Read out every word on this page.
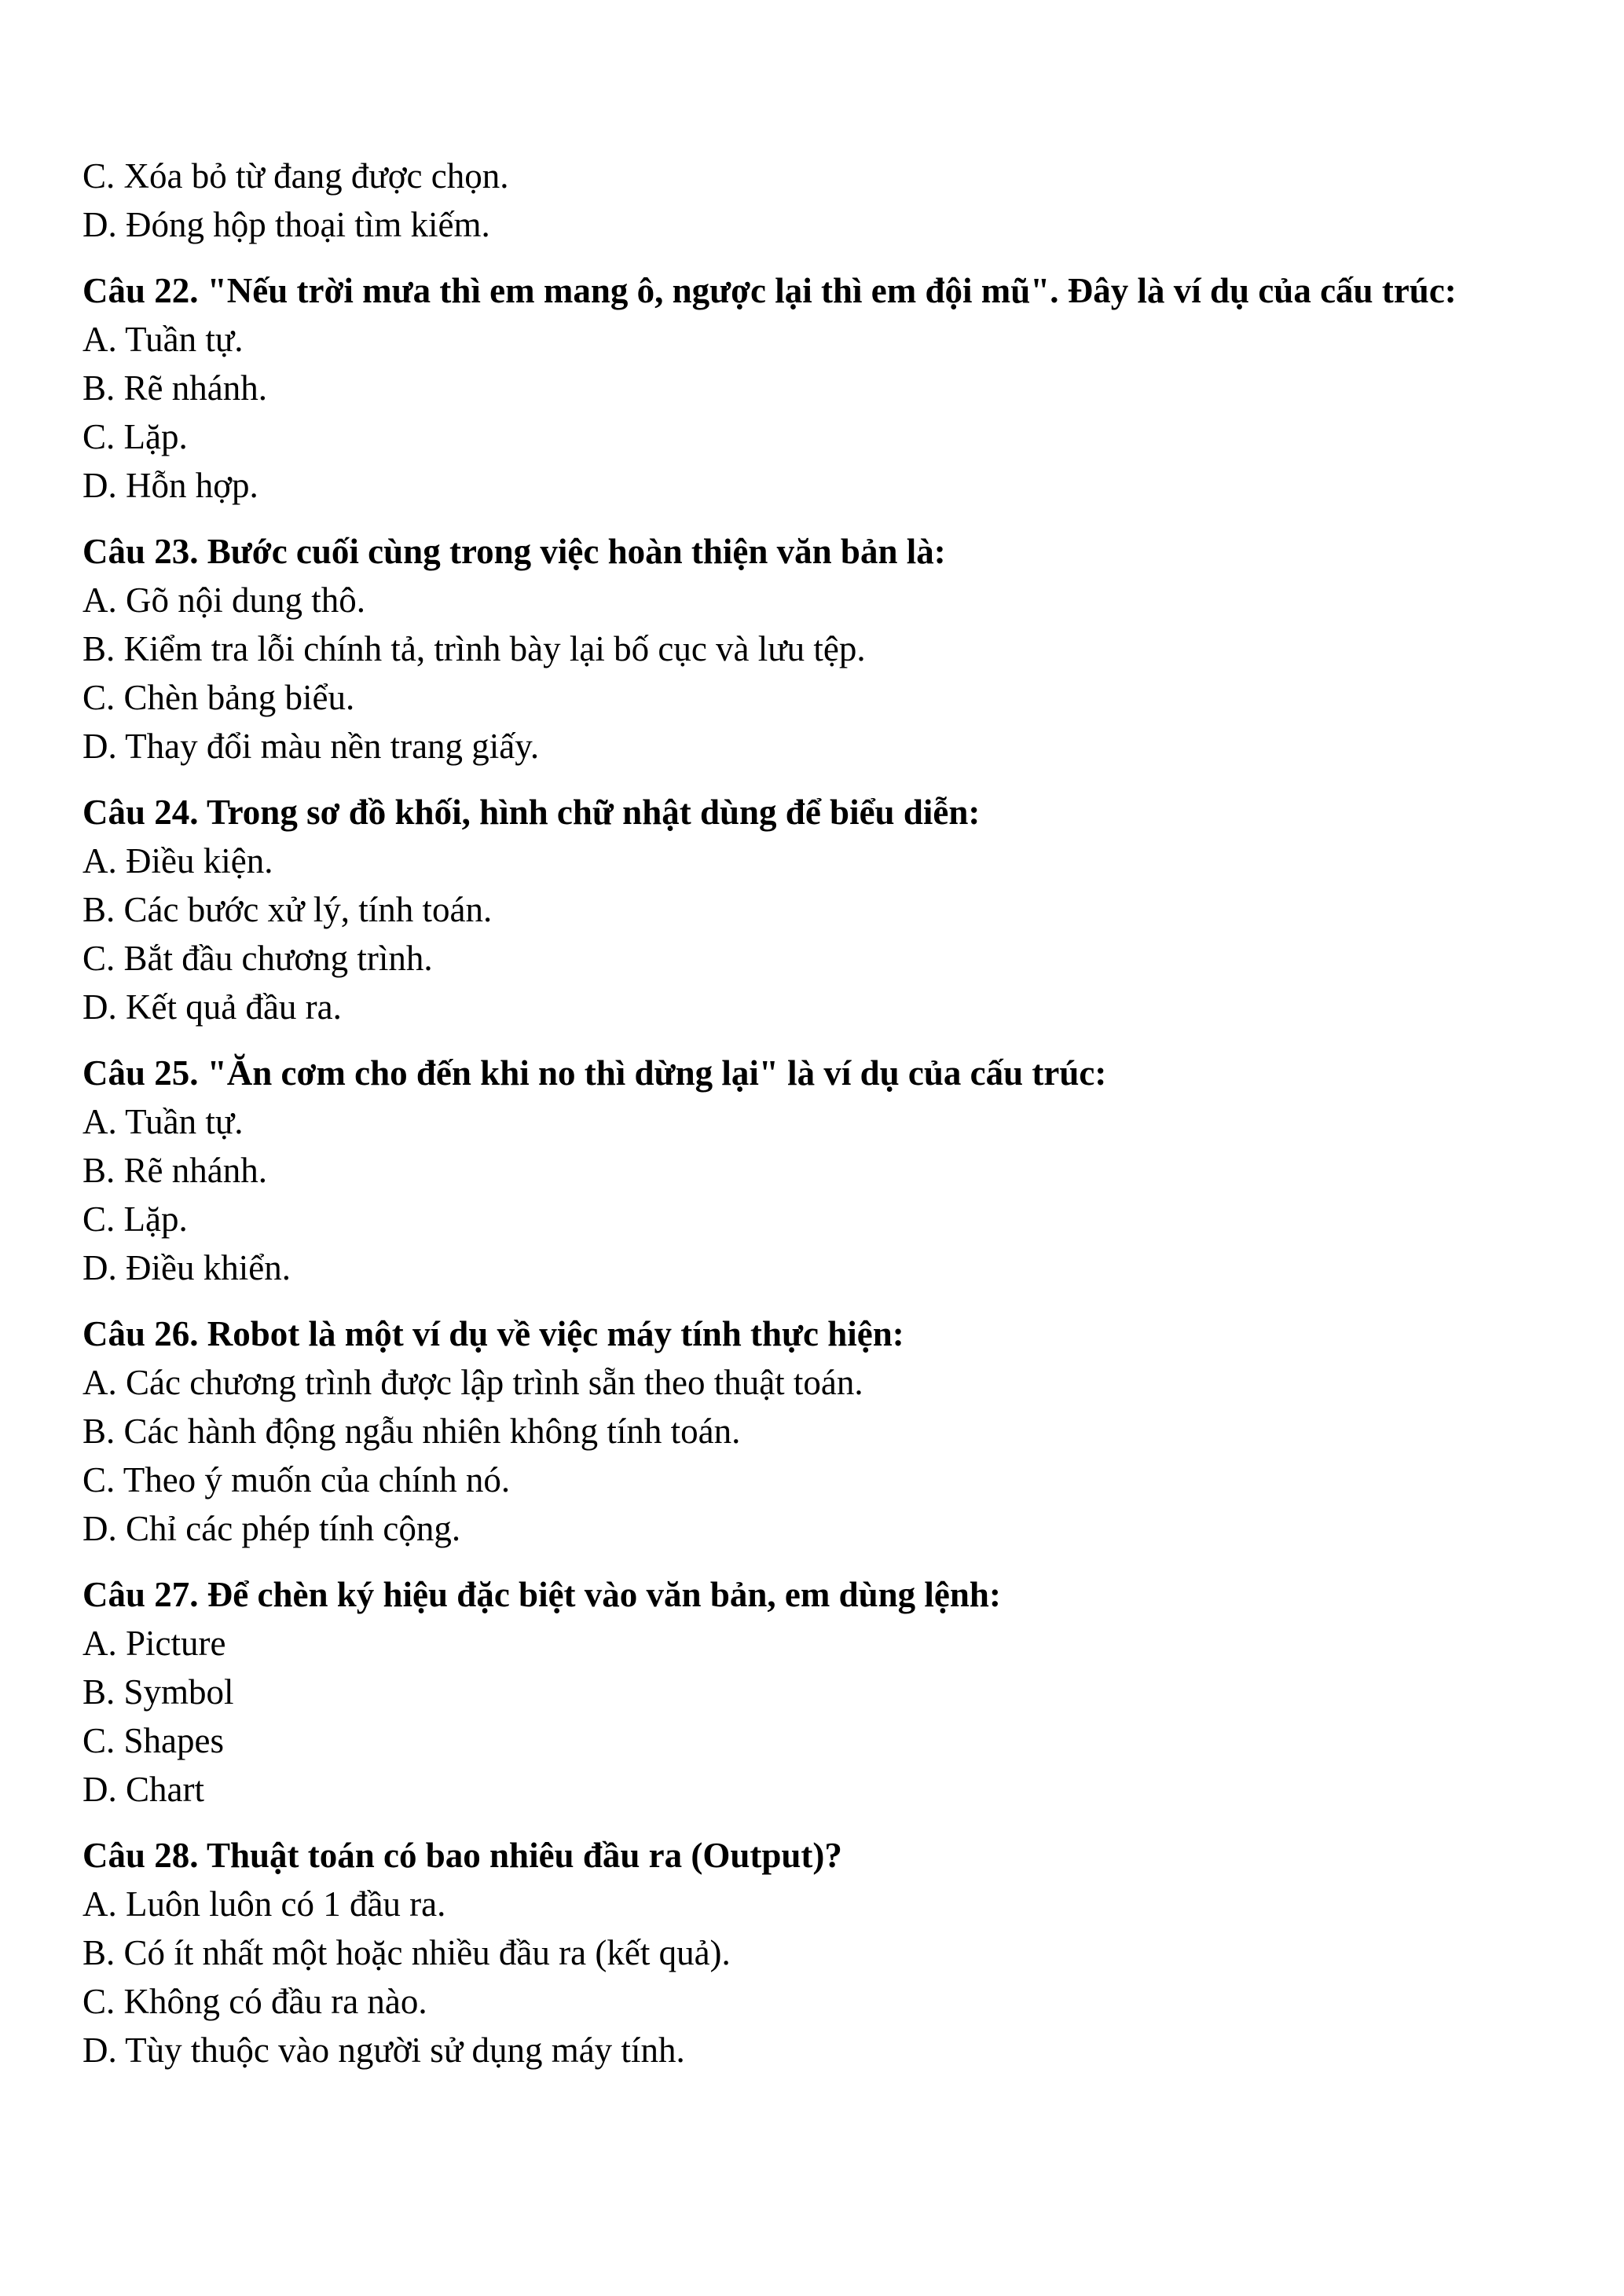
C. Xóa bỏ từ đang được chọn.

D. Đóng hộp thoại tìm kiếm.

Câu 22. "Nếu trời mưa thì em mang ô, ngược lại thì em đội mũ". Đây là ví dụ của cấu trúc:

A. Tuần tự.

B. Rẽ nhánh.

C. Lặp.

D. Hỗn hợp.

Câu 23. Bước cuối cùng trong việc hoàn thiện văn bản là:

A. Gõ nội dung thô.

B. Kiểm tra lỗi chính tả, trình bày lại bố cục và lưu tệp.

C. Chèn bảng biểu.

D. Thay đổi màu nền trang giấy.

Câu 24. Trong sơ đồ khối, hình chữ nhật dùng để biểu diễn:

A. Điều kiện.

B. Các bước xử lý, tính toán.

C. Bắt đầu chương trình.

D. Kết quả đầu ra.

Câu 25. "Ăn cơm cho đến khi no thì dừng lại" là ví dụ của cấu trúc:

A. Tuần tự.

B. Rẽ nhánh.

C. Lặp.

D. Điều khiển.

Câu 26. Robot là một ví dụ về việc máy tính thực hiện:

A. Các chương trình được lập trình sẵn theo thuật toán.

B. Các hành động ngẫu nhiên không tính toán.

C. Theo ý muốn của chính nó.

D. Chỉ các phép tính cộng.

Câu 27. Để chèn ký hiệu đặc biệt vào văn bản, em dùng lệnh:

A. Picture

B. Symbol

C. Shapes

D. Chart

Câu 28. Thuật toán có bao nhiêu đầu ra (Output)?

A. Luôn luôn có 1 đầu ra.

B. Có ít nhất một hoặc nhiều đầu ra (kết quả).

C. Không có đầu ra nào.

D. Tùy thuộc vào người sử dụng máy tính.
